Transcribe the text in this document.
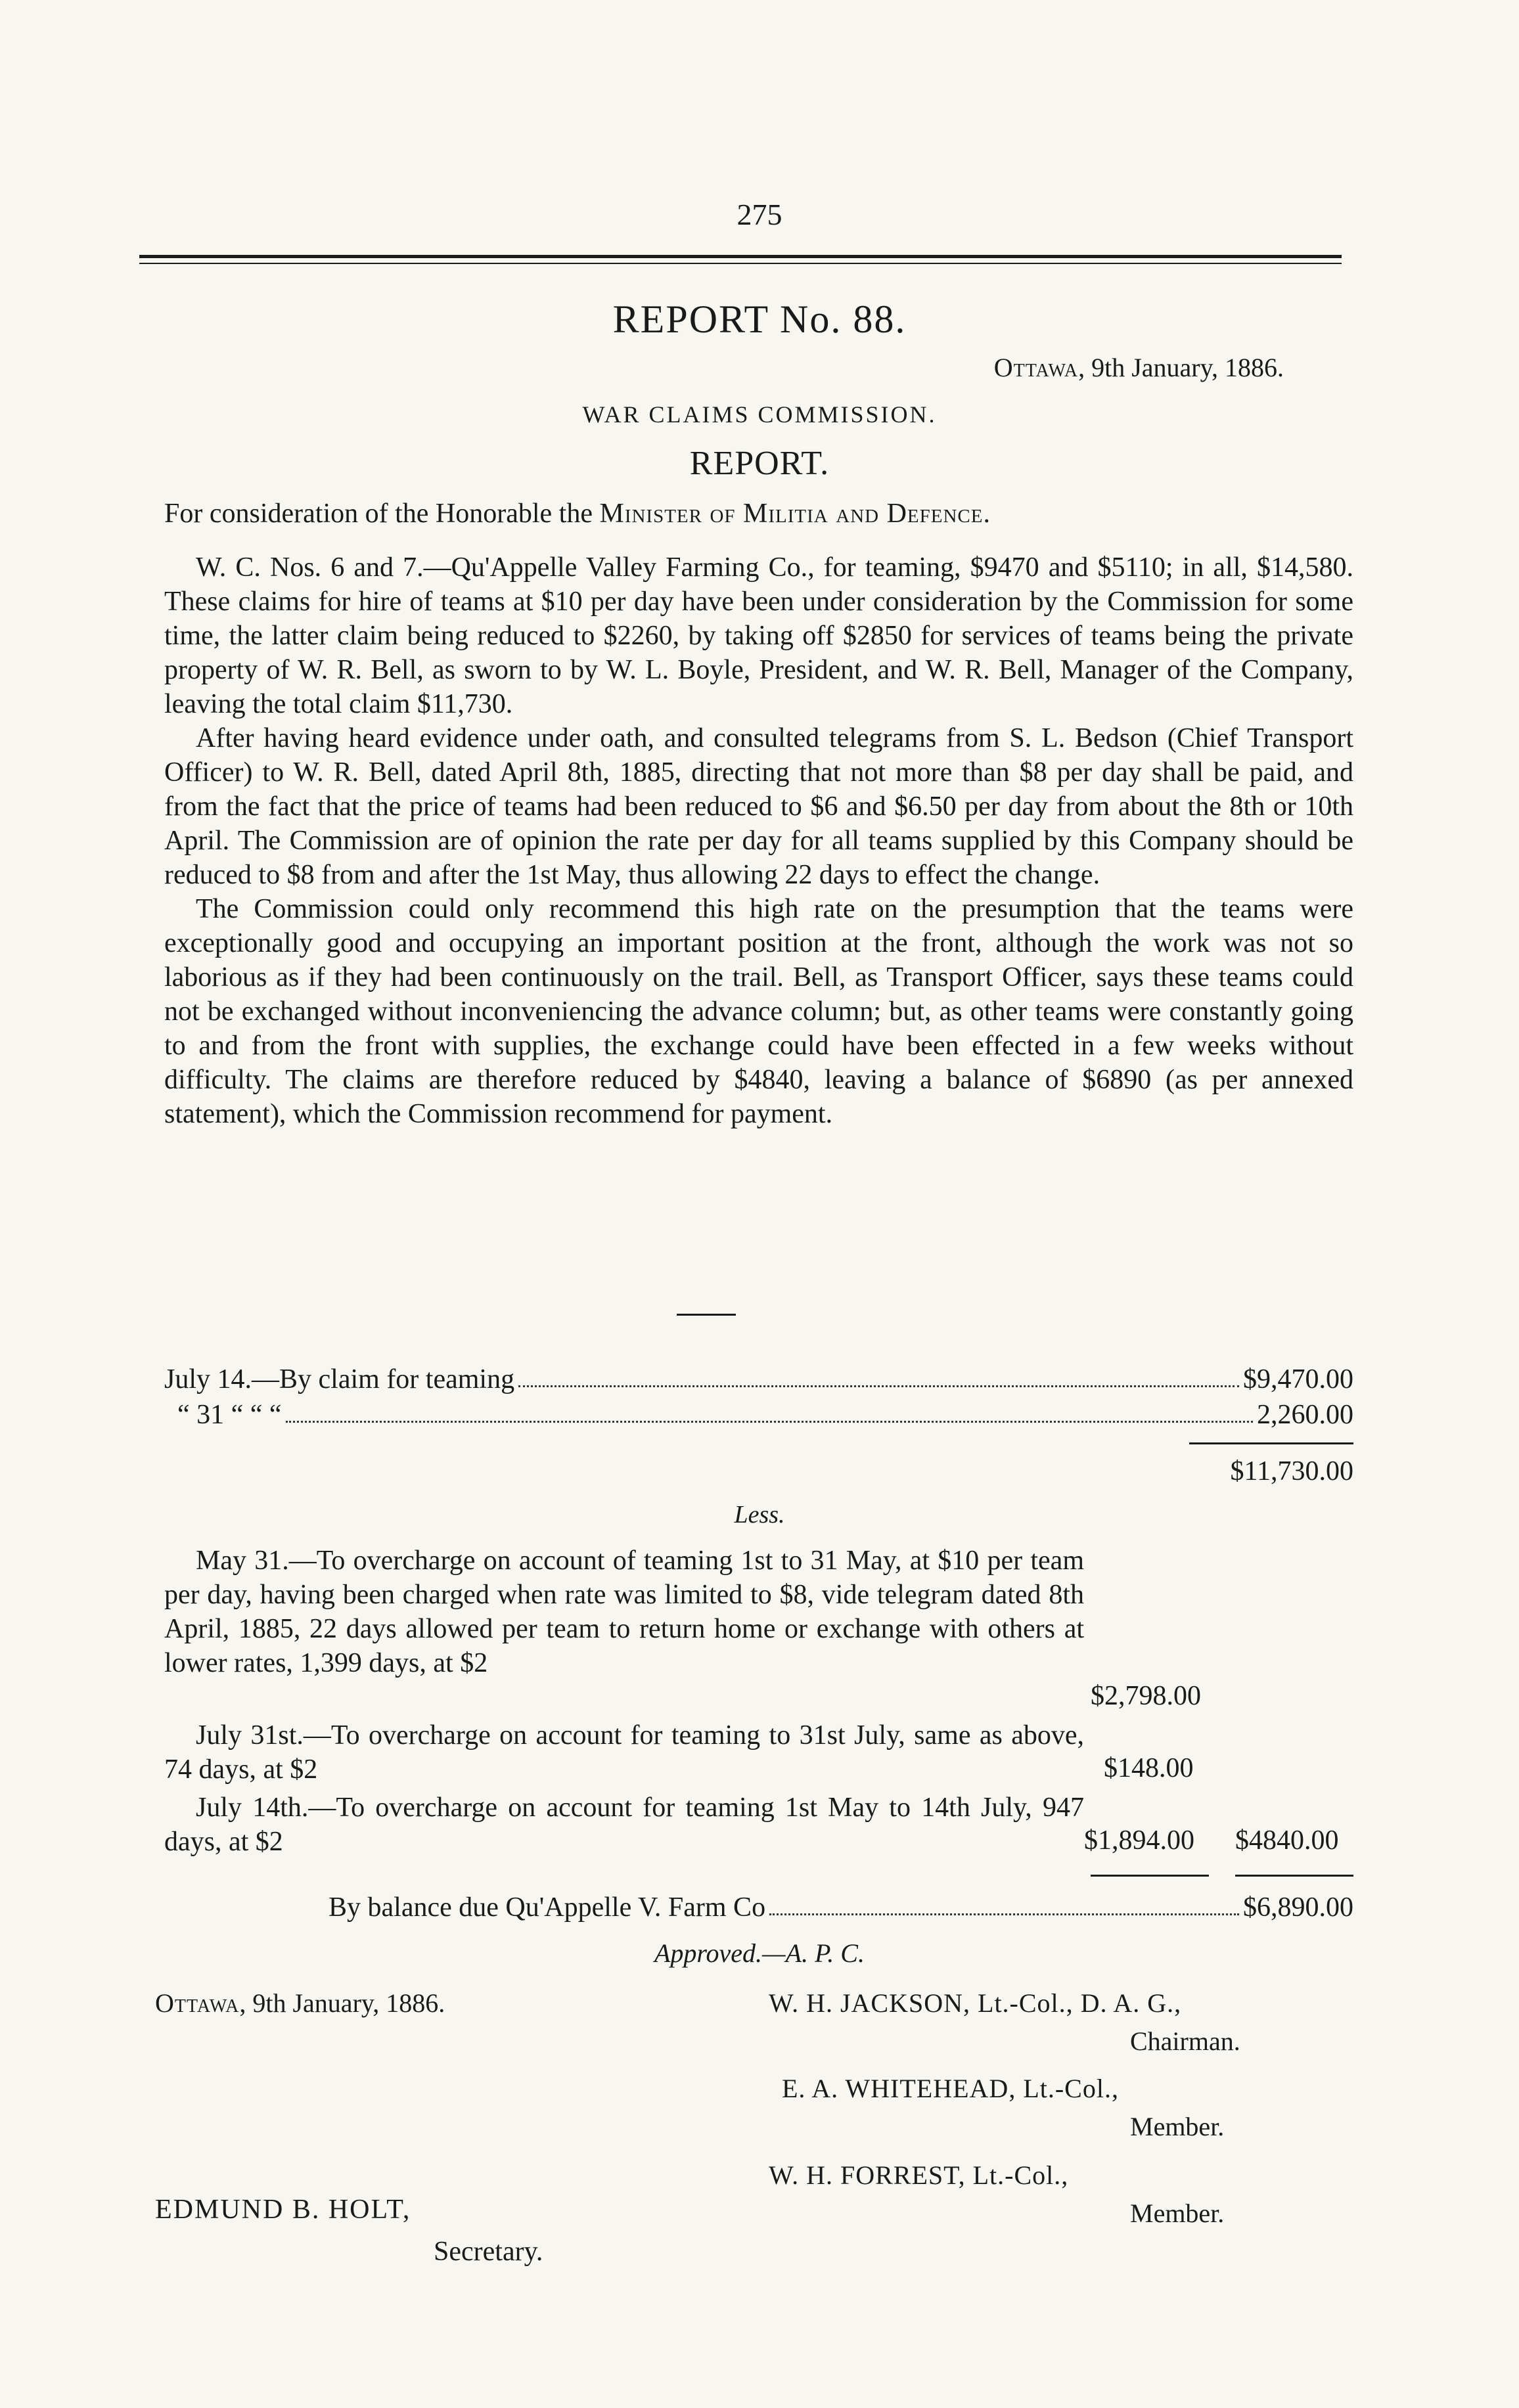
275
REPORT No. 88.
Ottawa, 9th January, 1886.
WAR CLAIMS COMMISSION.
REPORT.
For consideration of the Honorable the Minister of Militia and Defence.

W. C. Nos. 6 and 7.—Qu'Appelle Valley Farming Co., for teaming, $9470 and $5110; in all, $14,580. These claims for hire of teams at $10 per day have been under consideration by the Commission for some time, the latter claim being reduced to $2260, by taking off $2850 for services of teams being the private property of W. R. Bell, as sworn to by W. L. Boyle, President, and W. R. Bell, Manager of the Company, leaving the total claim $11,730.

After having heard evidence under oath, and consulted telegrams from S. L. Bedson (Chief Transport Officer) to W. R. Bell, dated April 8th, 1885, directing that not more than $8 per day shall be paid, and from the fact that the price of teams had been reduced to $6 and $6.50 per day from about the 8th or 10th April. The Commission are of opinion the rate per day for all teams supplied by this Company should be reduced to $8 from and after the 1st May, thus allowing 22 days to effect the change.

The Commission could only recommend this high rate on the presumption that the teams were exceptionally good and occupying an important position at the front, although the work was not so laborious as if they had been continuously on the trail. Bell, as Transport Officer, says these teams could not be exchanged without inconveniencing the advance column; but, as other teams were constantly going to and from the front with supplies, the exchange could have been effected in a few weeks without difficulty. The claims are therefore reduced by $4840, leaving a balance of $6890 (as per annexed statement), which the Commission recommend for payment.

July 14.—By claim for teaming	$9,470.00
“ 31 “ “ “	2,260.00
$11,730.00
Less.

May 31.—To overcharge on account of teaming 1st to 31 May, at $10 per team per day, having been charged when rate was limited to $8, vide telegram dated 8th April, 1885, 22 days allowed per team to return home or exchange with others at lower rates, 1,399 days, at $2

$2,798.00

July 31st.—To overcharge on account for teaming to 31st July, same as above, 74 days, at $2	$148.00

July 14th.—To overcharge on account for teaming 1st May to 14th July, 947 days, at $2	$1,894.00 $4840.00
By balance due Qu'Appelle V. Farm Co	$6,890.00
Approved.—A. P. C.
Ottawa, 9th January, 1886.	W. H. JACKSON, Lt.-Col., D. A. G.,
Chairman.
E. A. WHITEHEAD, Lt.-Col.,
Member.
W. H. FORREST, Lt.-Col.,
Member.
EDMUND B. HOLT,
Secretary.
